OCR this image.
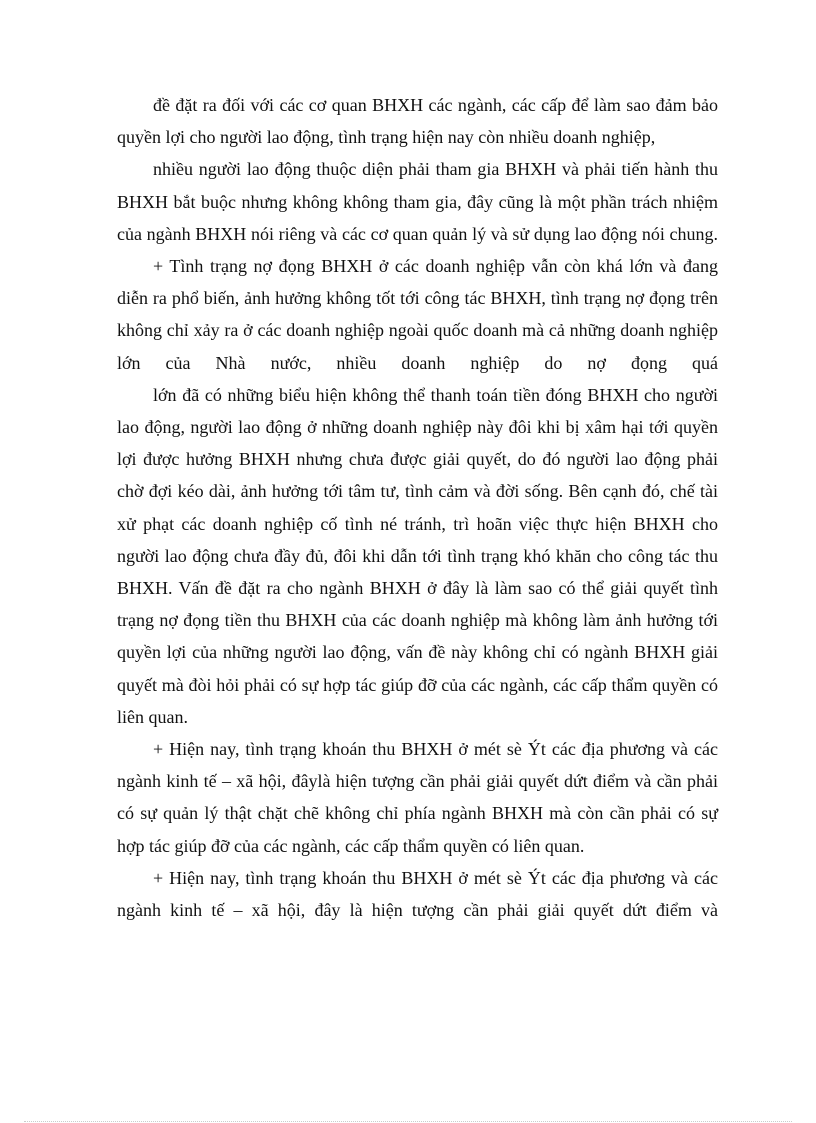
đề đặt ra đối với các cơ quan BHXH các ngành, các cấp để làm sao đảm bảo quyền lợi cho người lao động, tình trạng hiện nay còn nhiều doanh nghiệp,

nhiều người lao động thuộc diện phải tham gia BHXH và phải tiến hành thu BHXH bắt buộc nhưng không không tham gia, đây cũng là một phần trách nhiệm của ngành BHXH nói riêng và các cơ quan quản lý và sử dụng lao động nói chung.

+ Tình trạng nợ đọng BHXH ở các doanh nghiệp vẫn còn khá lớn và đang diễn ra phổ biến, ảnh hưởng không tốt tới công tác BHXH, tình trạng nợ đọng trên không chỉ xảy ra ở các doanh nghiệp ngoài quốc doanh mà cả những doanh nghiệp lớn của Nhà nước, nhiều doanh nghiệp do nợ đọng quá

lớn đã có những biểu hiện không thể thanh toán tiền đóng BHXH cho người lao động, người lao động ở những doanh nghiệp này đôi khi bị xâm hại tới quyền lợi được hưởng BHXH nhưng chưa được giải quyết, do đó người lao động phải chờ đợi kéo dài, ảnh hưởng tới tâm tư, tình cảm và đời sống. Bên cạnh đó, chế tài xử phạt các doanh nghiệp cố tình né tránh, trì hoãn việc thực hiện BHXH cho người lao động chưa đầy đủ, đôi khi dẫn tới tình trạng khó khăn cho công tác thu BHXH. Vấn đề đặt ra cho ngành BHXH ở đây là làm sao có thể giải quyết tình trạng nợ đọng tiền thu BHXH của các doanh nghiệp mà không làm ảnh hưởng tới quyền lợi của những người lao động, vấn đề này không chỉ có ngành BHXH giải quyết mà đòi hỏi phải có sự hợp tác giúp đỡ của các ngành, các cấp thẩm quyền có liên quan.

+ Hiện nay, tình trạng khoán thu BHXH ở mét sè Ýt các địa phương và các ngành kinh tế – xã hội, đâylà hiện tượng cần phải giải quyết dứt điểm và cần phải có sự quản lý thật chặt chẽ không chỉ phía ngành BHXH mà còn cần phải có sự hợp tác giúp đỡ của các ngành, các cấp thẩm quyền có liên quan.

+ Hiện nay, tình trạng khoán thu BHXH ở mét sè Ýt các địa phương và các ngành kinh tế – xã hội, đây là hiện tượng cần phải giải quyết dứt điểm và
